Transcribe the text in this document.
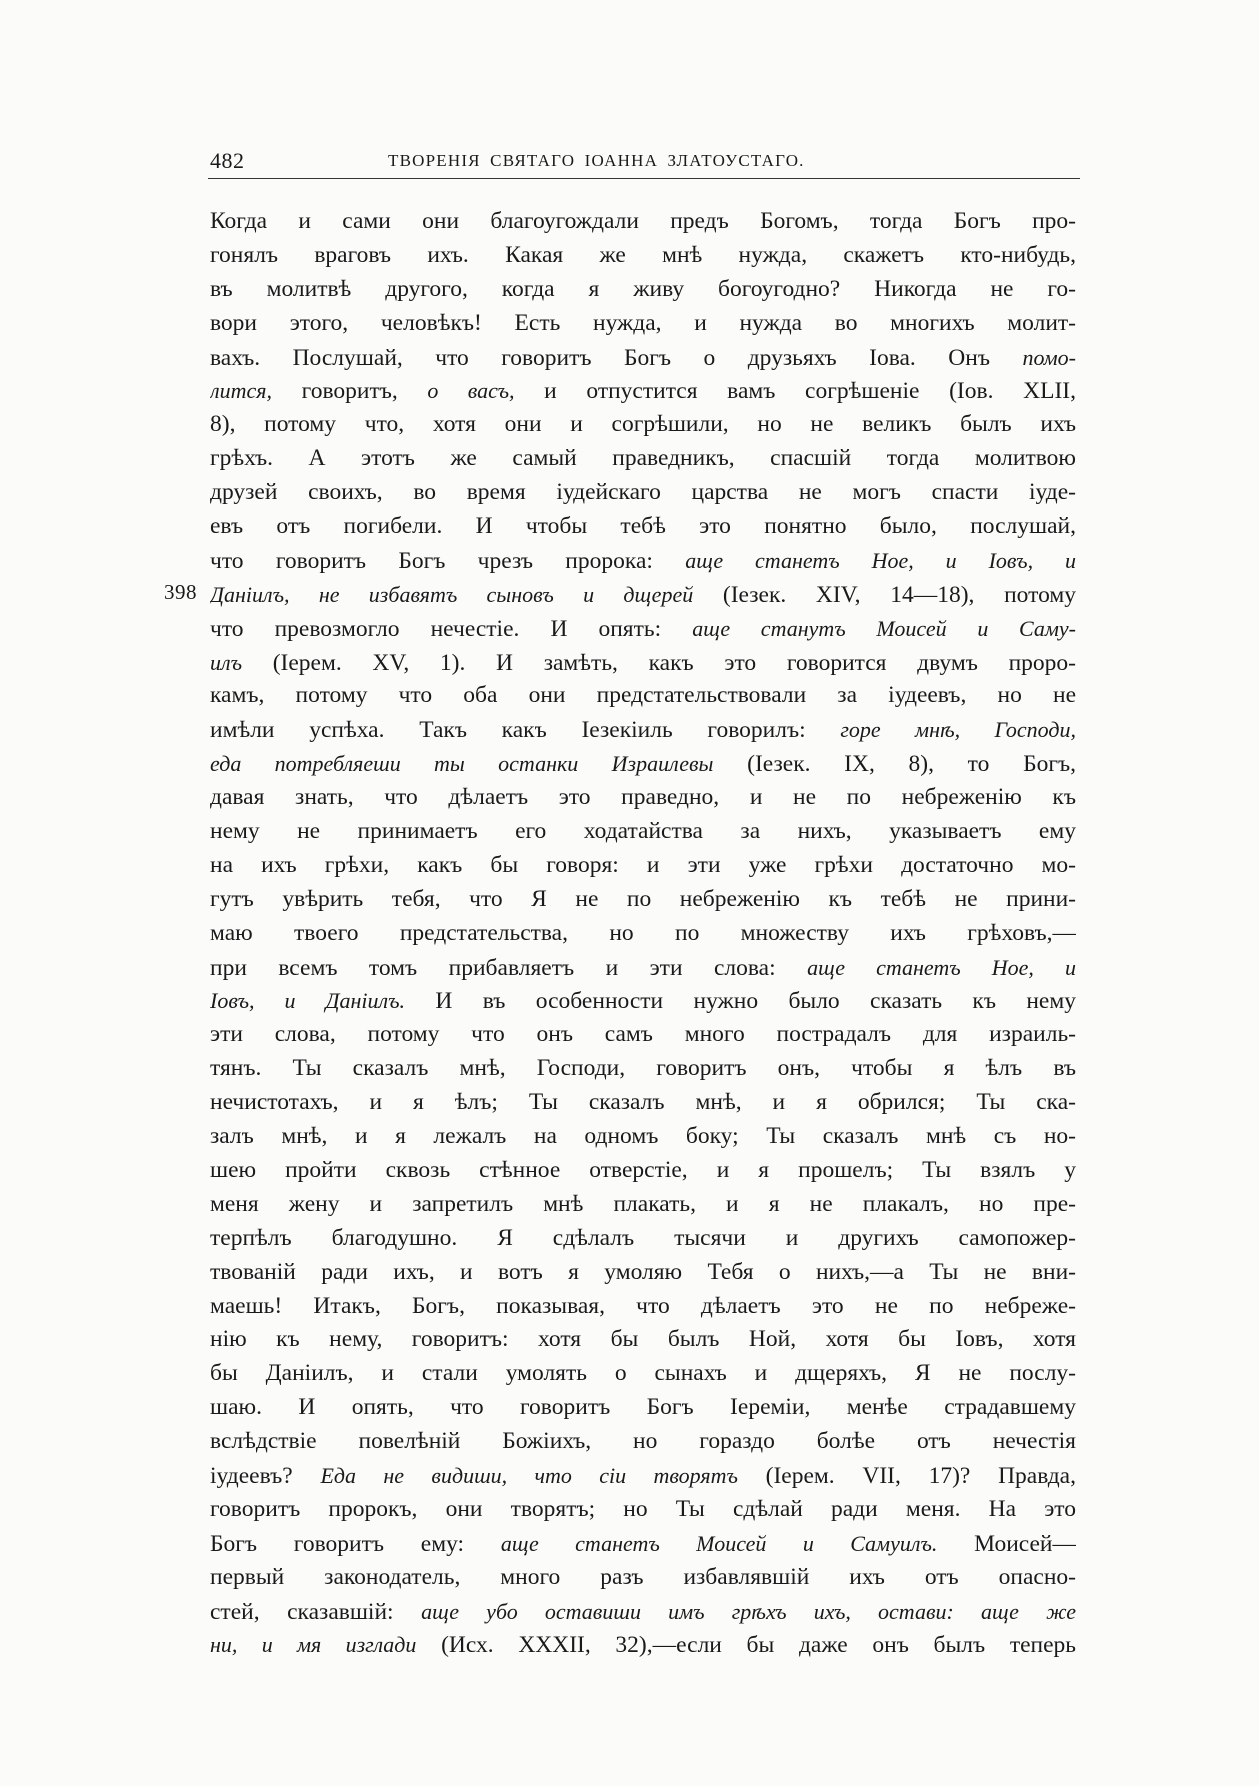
482	ТВОРЕНІЯ СВЯТАГО ІОАННА ЗЛАТОУСТАГО.
398
Когда и сами они благоугождали предъ Богомъ, тогда Богъ про-
гонялъ враговъ ихъ. Какая же мнѣ нужда, скажетъ кто-нибудь,
въ молитвѣ другого, когда я живу богоугодно? Никогда не го-
вори этого, человѣкъ! Есть нужда, и нужда во многихъ молит-
вахъ. Послушай, что говоритъ Богъ о друзьяхъ Іова. Онъ помо-
лится, говоритъ, о васъ, и отпустится вамъ согрѣшеніе (Іов. XLII,
8), потому что, хотя они и согрѣшили, но не великъ былъ ихъ
грѣхъ. А этотъ же самый праведникъ, спасшій тогда молитвою
друзей своихъ, во время іудейскаго царства не могъ спасти іуде-
евъ отъ погибели. И чтобы тебѣ это понятно было, послушай,
что говоритъ Богъ чрезъ пророка: аще станетъ Ное, и Іовъ, и
Даніилъ, не избавятъ сыновъ и дщерей (Іезек. XIV, 14—18), потому
что превозмогло нечестіе. И опять: аще станутъ Моисей и Саму-
илъ (Іерем. XV, 1). И замѣть, какъ это говорится двумъ проро-
камъ, потому что оба они предстательствовали за іудеевъ, но не
имѣли успѣха. Такъ какъ Іезекіиль говорилъ: горе мнѣ, Господи,
еда потребляеши ты останки Израилевы (Іезек. IX, 8), то Богъ,
давая знать, что дѣлаетъ это праведно, и не по небреженію къ
нему не принимаетъ его ходатайства за нихъ, указываетъ ему
на ихъ грѣхи, какъ бы говоря: и эти уже грѣхи достаточно мо-
гутъ увѣрить тебя, что Я не по небреженію къ тебѣ не прини-
маю твоего предстательства, но по множеству ихъ грѣховъ,—
при всемъ томъ прибавляетъ и эти слова: аще станетъ Ное, и
Іовъ, и Даніилъ. И въ особенности нужно было сказать къ нему
эти слова, потому что онъ самъ много пострадалъ для израиль-
тянъ. Ты сказалъ мнѣ, Господи, говоритъ онъ, чтобы я ѣлъ въ
нечистотахъ, и я ѣлъ; Ты сказалъ мнѣ, и я обрился; Ты ска-
залъ мнѣ, и я лежалъ на одномъ боку; Ты сказалъ мнѣ съ но-
шею пройти сквозь стѣнное отверстіе, и я прошелъ; Ты взялъ у
меня жену и запретилъ мнѣ плакать, и я не плакалъ, но пре-
терпѣлъ благодушно. Я сдѣлалъ тысячи и другихъ самопожер-
твованій ради ихъ, и вотъ я умоляю Тебя о нихъ,—а Ты не вни-
маешь! Итакъ, Богъ, показывая, что дѣлаетъ это не по небреже-
нію къ нему, говоритъ: хотя бы былъ Ной, хотя бы Іовъ, хотя
бы Даніилъ, и стали умолять о сынахъ и дщеряхъ, Я не послу-
шаю. И опять, что говоритъ Богъ Іереміи, менѣе страдавшему
вслѣдствіе повелѣній Божіихъ, но гораздо болѣе отъ нечестія
іудеевъ? Еда не видиши, что сіи творятъ (Іерем. VII, 17)? Правда,
говоритъ пророкъ, они творятъ; но Ты сдѣлай ради меня. На это
Богъ говоритъ ему: аще станетъ Моисей и Самуилъ. Моисей—
первый законодатель, много разъ избавлявшій ихъ отъ опасно-
стей, сказавшій: аще убо оставиши имъ грѣхъ ихъ, остави: аще же
ни, и мя изглади (Исх. XXXII, 32),—если бы даже онъ былъ теперь
